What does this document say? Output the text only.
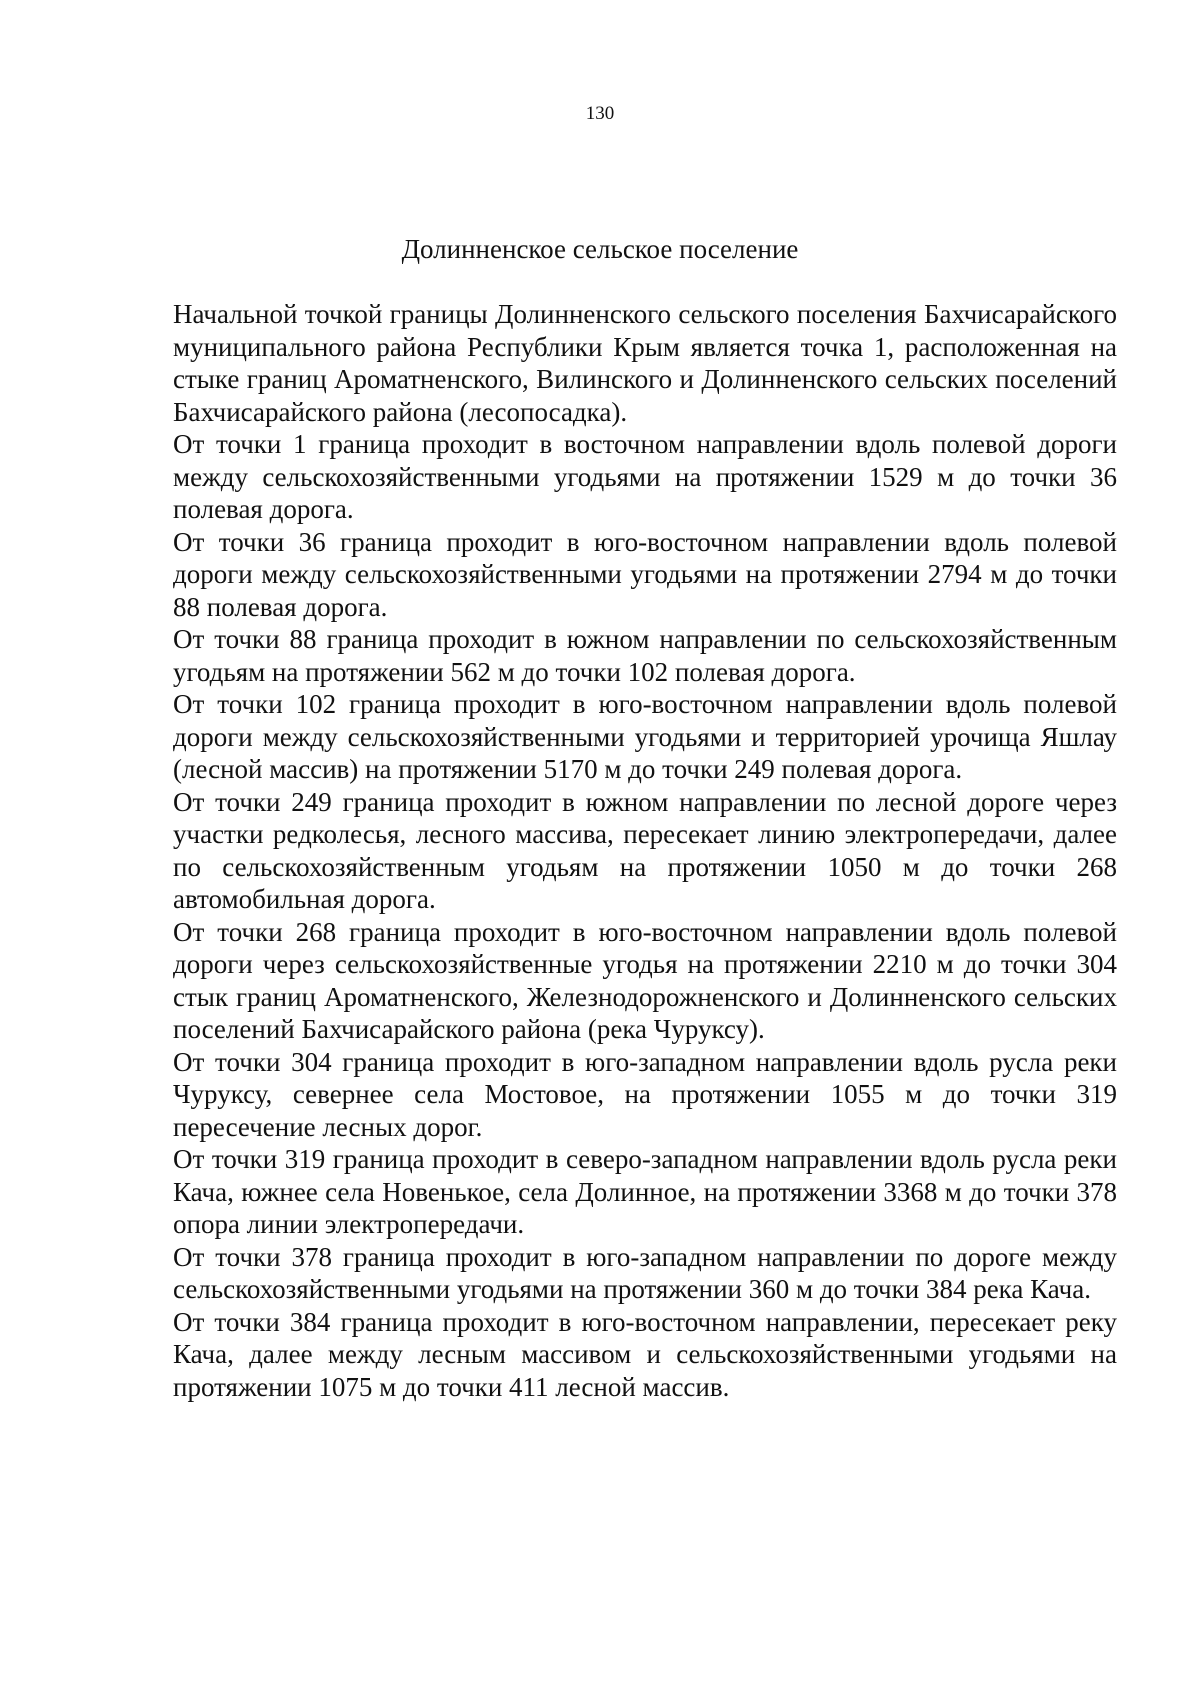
130
Долинненское сельское поселение

Начальной точкой границы Долинненского сельского поселения Бахчисарайского муниципального района Республики Крым является точка 1, расположенная на стыке границ Ароматненского, Вилинского и Долинненского сельских поселений Бахчисарайского района (лесопосадка).

От точки 1 граница проходит в восточном направлении вдоль полевой дороги между сельскохозяйственными угодьями на протяжении 1529 м до точки 36 полевая дорога.

От точки 36 граница проходит в юго-восточном направлении вдоль полевой дороги между сельскохозяйственными угодьями на протяжении 2794 м до точки 88 полевая дорога.

От точки 88 граница проходит в южном направлении по сельскохозяйственным угодьям на протяжении 562 м до точки 102 полевая дорога.

От точки 102 граница проходит в юго-восточном направлении вдоль полевой дороги между сельскохозяйственными угодьями и территорией урочища Яшлау (лесной массив) на протяжении 5170 м до точки 249 полевая дорога.

От точки 249 граница проходит в южном направлении по лесной дороге через участки редколесья, лесного массива, пересекает линию электропередачи, далее по сельскохозяйственным угодьям на протяжении 1050 м до точки 268 автомобильная дорога.

От точки 268 граница проходит в юго-восточном направлении вдоль полевой дороги через сельскохозяйственные угодья на протяжении 2210 м до точки 304 стык границ Ароматненского, Железнодорожненского и Долинненского сельских поселений Бахчисарайского района (река Чуруксу).

От точки 304 граница проходит в юго-западном направлении вдоль русла реки Чуруксу, севернее села Мостовое, на протяжении 1055 м до точки 319 пересечение лесных дорог.

От точки 319 граница проходит в северо-западном направлении вдоль русла реки Кача, южнее села Новенькое, села Долинное, на протяжении 3368 м до точки 378 опора линии электропередачи.

От точки 378 граница проходит в юго-западном направлении по дороге между сельскохозяйственными угодьями на протяжении 360 м до точки 384 река Кача.

От точки 384 граница проходит в юго-восточном направлении, пересекает реку Кача, далее между лесным массивом и сельскохозяйственными угодьями на протяжении 1075 м до точки 411 лесной массив.
